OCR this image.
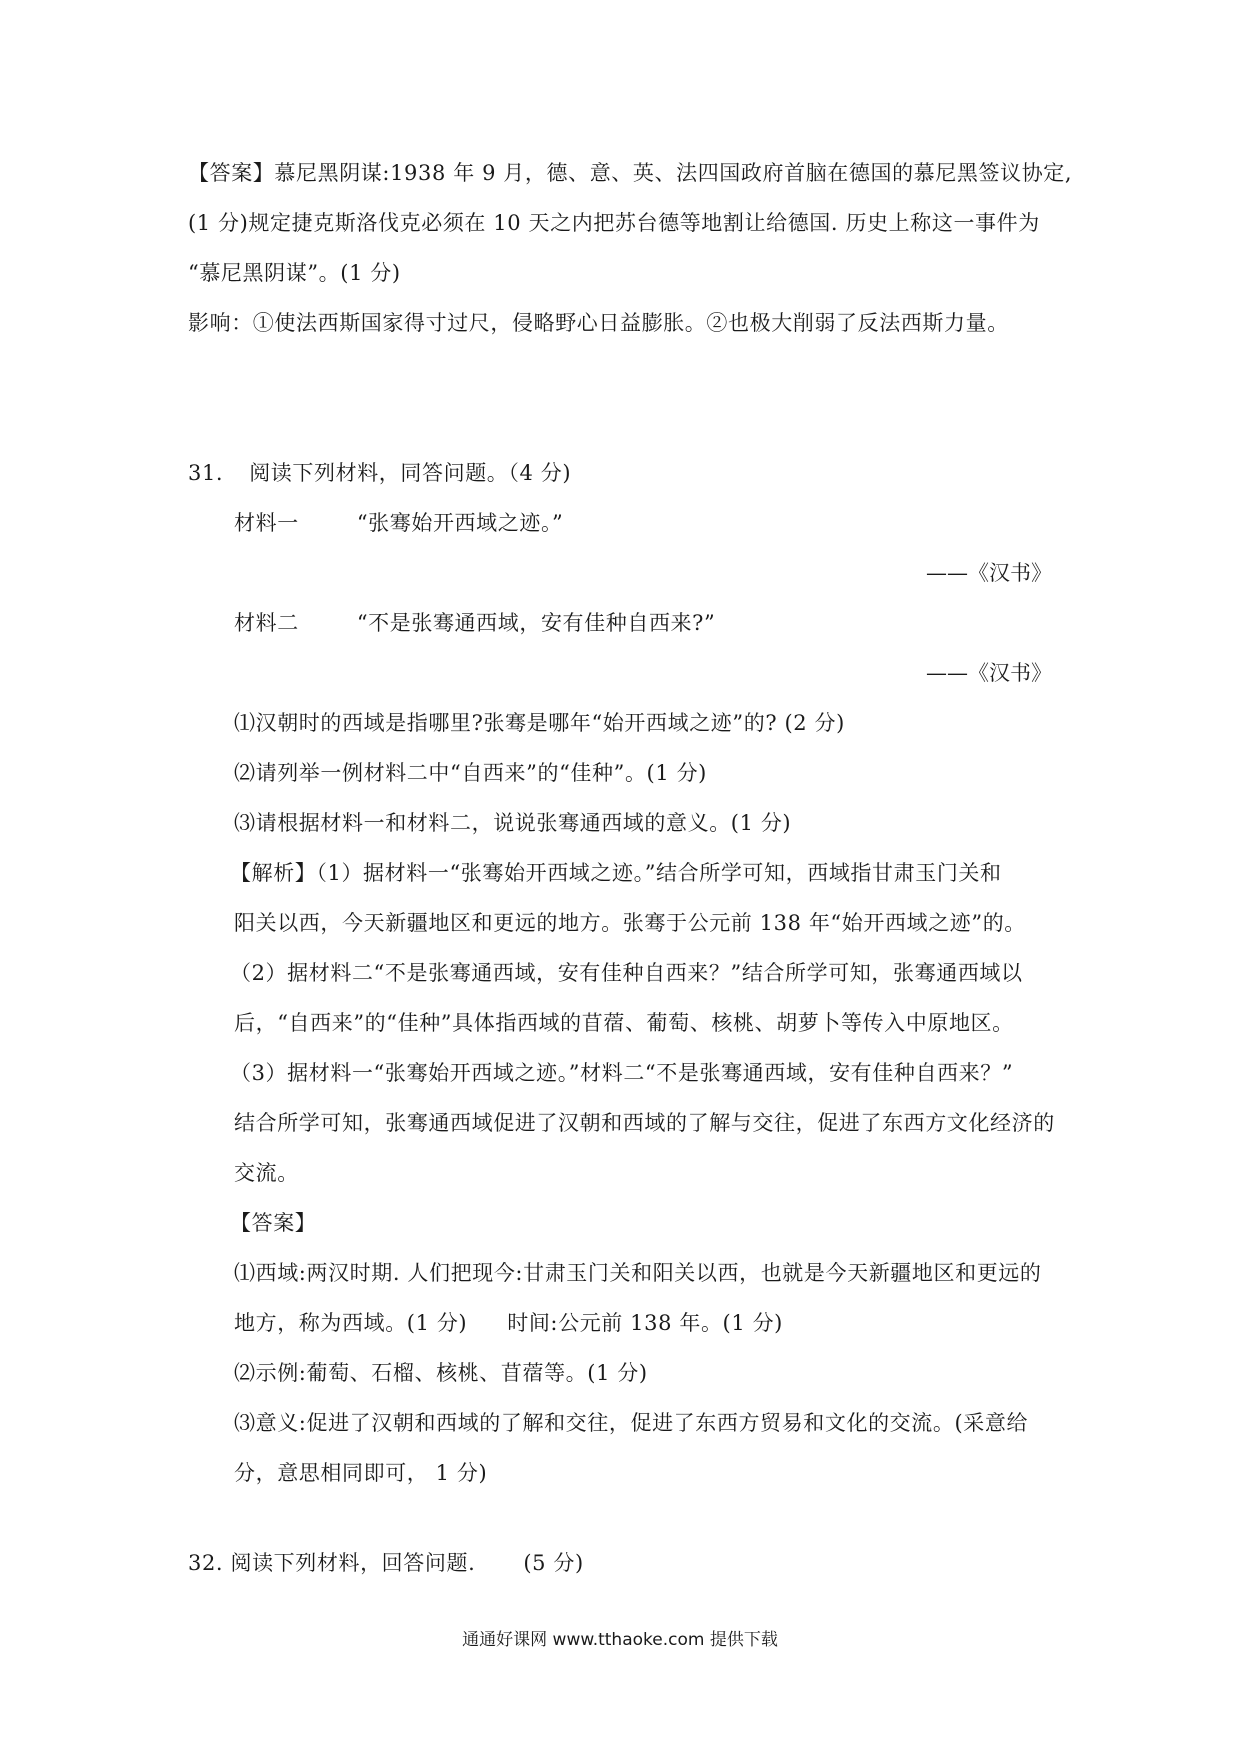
【答案】慕尼黑阴谋:1938 年 9 月，德、意、英、法四国政府首脑在德国的慕尼黑签议协定,
(1 分)规定捷克斯洛伐克必须在 10 天之内把苏台德等地割让给德国. 历史上称这一事件为
“慕尼黑阴谋”。(1 分)
影响：①使法西斯国家得寸过尺，侵略野心日益膨胀。②也极大削弱了反法西斯力量。
31. 阅读下列材料，同答问题。（4 分)
材料一	“张骞始开西域之迹。”
——《汉书》
材料二	“不是张骞通西域，安有佳种自西来?”
——《汉书》
⑴汉朝时的西域是指哪里?张骞是哪年“始开西域之迹”的? (2 分)
⑵请列举一例材料二中“自西来”的“佳种”。(1 分)
⑶请根据材料一和材料二，说说张骞通西域的意义。(1 分)
【解析】（1）据材料一“张骞始开西域之迹。”结合所学可知，西域指甘肃玉门关和
阳关以西，今天新疆地区和更远的地方。张骞于公元前 138 年“始开西域之迹”的。
（2）据材料二“不是张骞通西域，安有佳种自西来？”结合所学可知，张骞通西域以
后，“自西来”的“佳种”具体指西域的苜蓿、葡萄、核桃、胡萝卜等传入中原地区。
（3）据材料一“张骞始开西域之迹。”材料二“不是张骞通西域，安有佳种自西来？”
结合所学可知，张骞通西域促进了汉朝和西域的了解与交往，促进了东西方文化经济的
交流。
【答案】
⑴西域:两汉时期. 人们把现今:甘肃玉门关和阳关以西，也就是今天新疆地区和更远的
地方，称为西域。(1 分) 时间:公元前 138 年。(1 分)
⑵示例:葡萄、石榴、核桃、苜蓿等。(1 分)
⑶意义:促进了汉朝和西域的了解和交往，促进了东西方贸易和文化的交流。(采意给
分，意思相同即可， 1 分)
32. 阅读下列材料，回答问题. (5 分)
通通好课网 www.tthaoke.com 提供下载
